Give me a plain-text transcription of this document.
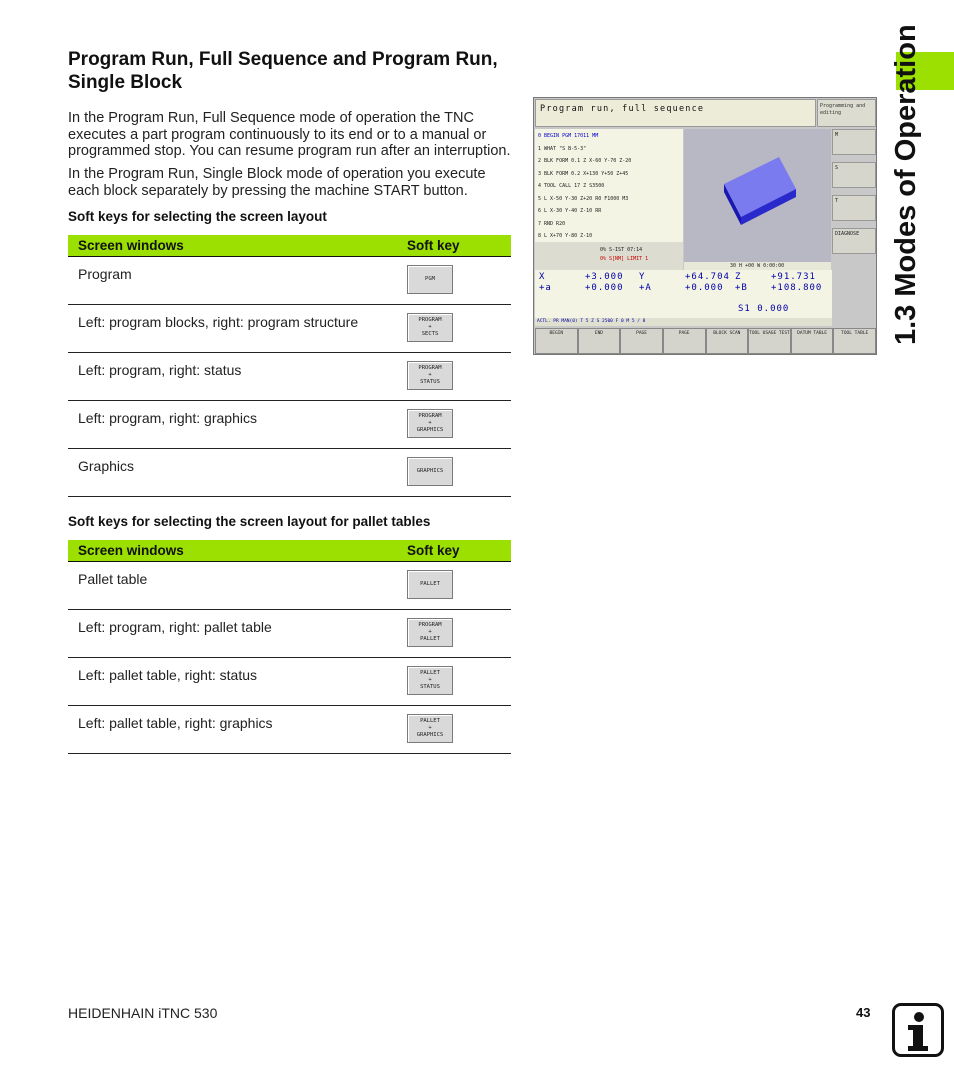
1.3 Modes of Operation
Program Run, Full Sequence and Program Run, Single Block
In the Program Run, Full Sequence mode of operation the TNC executes a part program continuously to its end or to a manual or programmed stop. You can resume program run after an interruption.
In the Program Run, Single Block mode of operation you execute each block separately by pressing the machine START button.
Soft keys for selecting the screen layout
Screen windows	Soft key
Program	PGM
Left: program blocks, right: program structure	PROGRAM
+
SECTS
Left: program, right: status	PROGRAM
+
STATUS
Left: program, right: graphics	PROGRAM
+
GRAPHICS
Graphics	GRAPHICS
Soft keys for selecting the screen layout for pallet tables
Screen windows	Soft key
Pallet table	PALLET
Left: program, right: pallet table	PROGRAM
+
PALLET
Left: pallet table, right: status	PALLET
+
STATUS
Left: pallet table, right: graphics	PALLET
+
GRAPHICS
Program run, full sequence	Programming and editing
0 BEGIN PGM 17011 MM
1 WHAT "S B-5-3"
2 BLK FORM 0.1 Z X-60 Y-70 Z-20
3 BLK FORM 0.2 X+130 Y+50 Z+45
4 TOOL CALL 17 Z S3500
5 L X-50 Y-30 Z+20 R0 F1000 M3
6 L X-30 Y-40 Z-10 RR
7 RND R20
8 L X+70 Y-80 Z-10
0% S-IST 07:14
0% S[NM] LIMIT 1
30 H +00 W 0:00:00
M
S
T
DIAGNOSE
X	+3.000 Y	+64.704 Z	+91.731
+a	+0.000 +A	+0.000 +B	+108.800
S1 0.000
ACTL. PR MAN(0) T 5 Z S 2500 F 0 M 5 / 8
BEGIN	END	PAGE	PAGE	BLOCK SCAN	TOOL USAGE TEST	DATUM TABLE	TOOL TABLE
HEIDENHAIN iTNC 530	43
